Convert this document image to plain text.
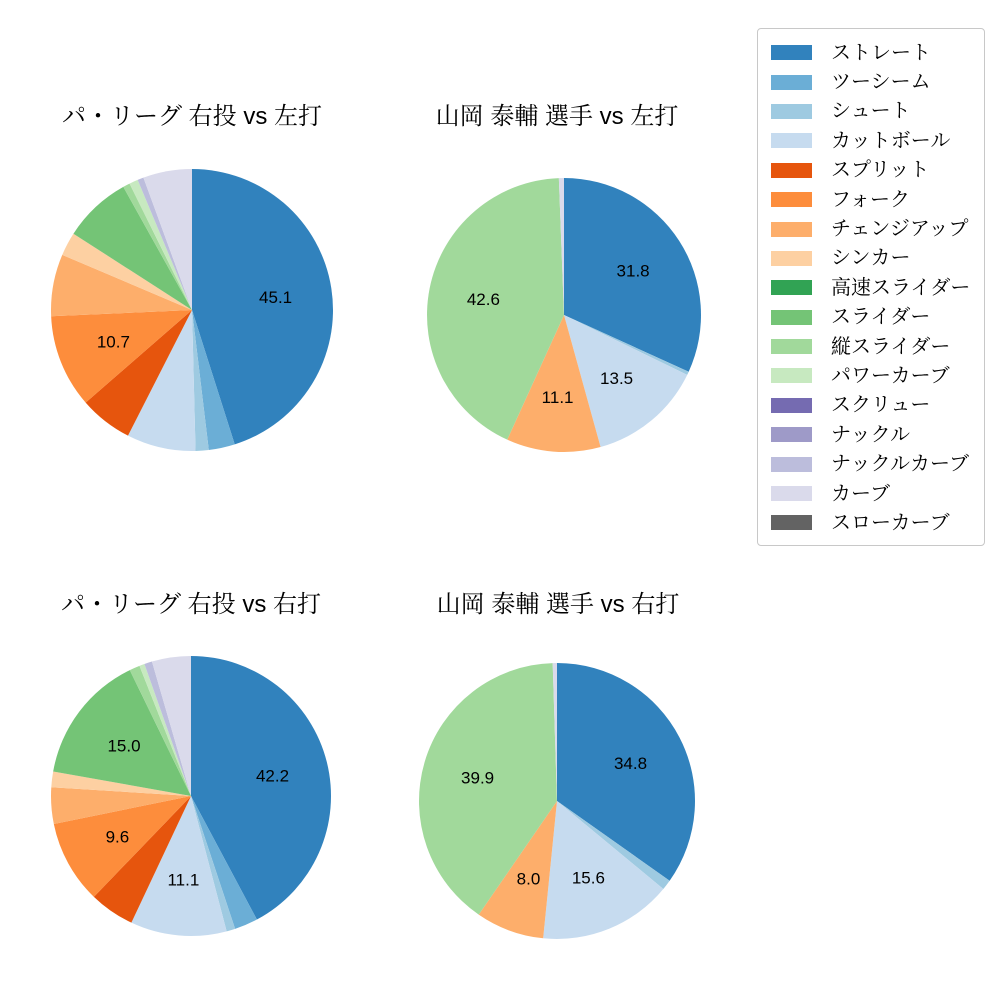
パ・リーグ 右投 vs 左打
45.1
10.7
山岡 泰輔 選手 vs 左打
31.8
13.5
11.1
42.6
パ・リーグ 右投 vs 右打
42.2
11.1
9.6
15.0
山岡 泰輔 選手 vs 右打
34.8
15.6
8.0
39.9
ストレート
ツーシーム
シュート
カットボール
スプリット
フォーク
チェンジアップ
シンカー
高速スライダー
スライダー
縦スライダー
パワーカーブ
スクリュー
ナックル
ナックルカーブ
カーブ
スローカーブ
